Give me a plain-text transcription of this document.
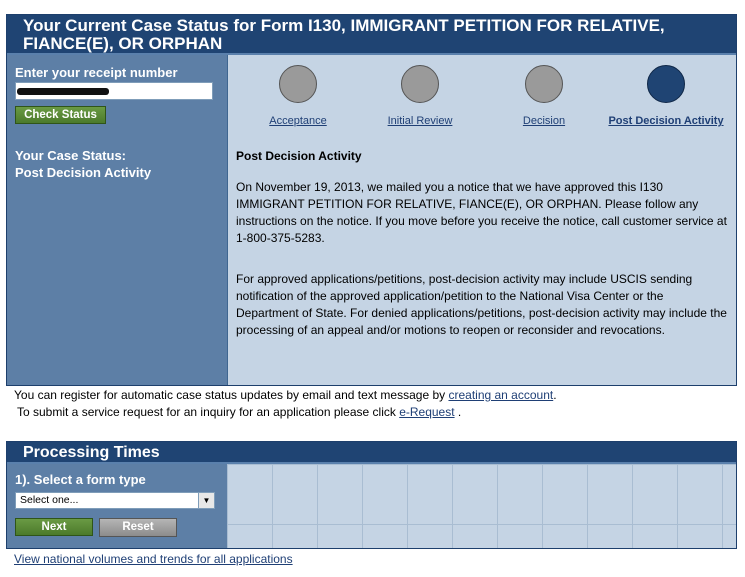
Your Current Case Status for Form I130, IMMIGRANT PETITION FOR RELATIVE,
FIANCE(E), OR ORPHAN
Enter your receipt number
Check Status
Your Case Status:
Post Decision Activity
Acceptance	Initial Review	Decision	Post Decision Activity
Post Decision Activity
On November 19, 2013, we mailed you a notice that we have approved this I130 IMMIGRANT PETITION FOR RELATIVE, FIANCE(E), OR ORPHAN. Please follow any instructions on the notice. If you move before you receive the notice, call customer service at 1-800-375-5283.
For approved applications/petitions, post-decision activity may include USCIS sending notification of the approved application/petition to the National Visa Center or the Department of State. For denied applications/petitions, post-decision activity may include the processing of an appeal and/or motions to reopen or reconsider and revocations.
You can register for automatic case status updates by email and text message by creating an account.
To submit a service request for an inquiry for an application please click e-Request .
Processing Times
1). Select a form type
Select one...	▼
Next	Reset
View national volumes and trends for all applications
